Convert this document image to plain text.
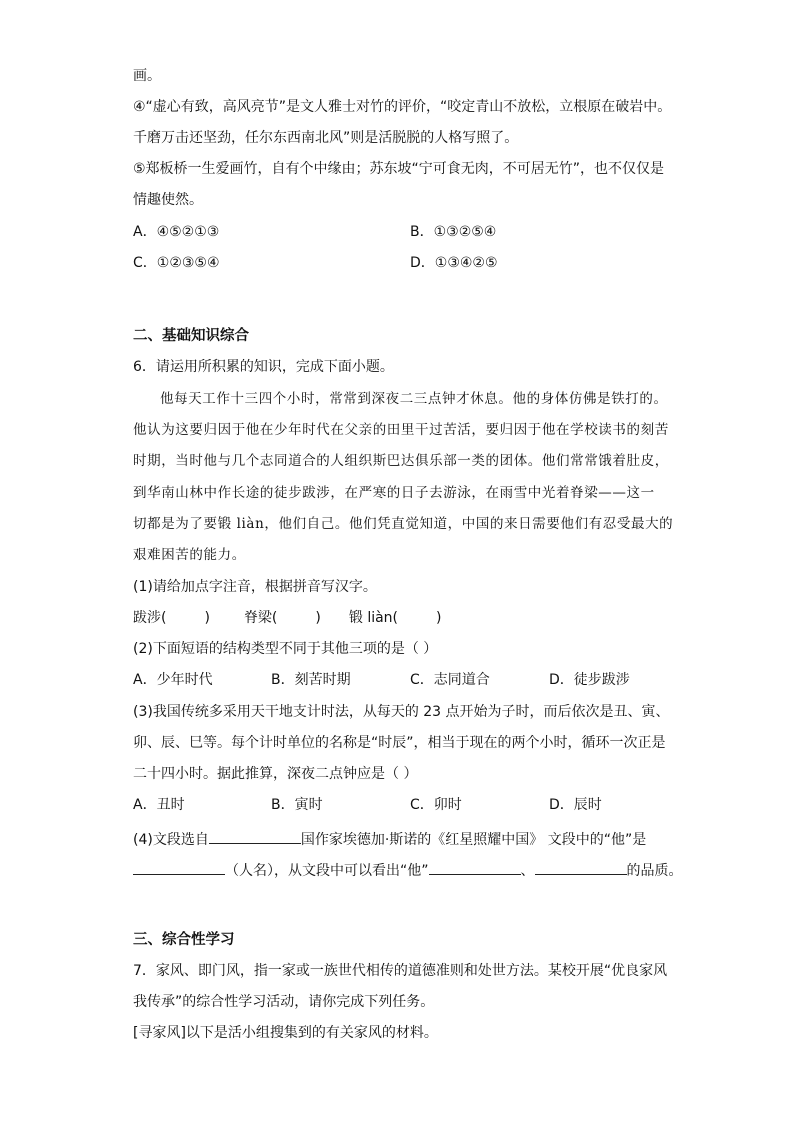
画。
④“虚心有致，高风亮节”是文人雅士对竹的评价，“咬定青山不放松，立根原在破岩中。
千磨万击还坚劲，任尔东西南北风”则是活脱脱的人格写照了。
⑤郑板桥一生爱画竹，自有个中缘由；苏东坡“宁可食无肉，不可居无竹”，也不仅仅是
情趣使然。
A．④⑤②①③	B．①③②⑤④
C．①②③⑤④	D．①③④②⑤
二、基础知识综合
6．请运用所积累的知识，完成下面小题。
他每天工作十三四个小时，常常到深夜二三点钟才休息。他的身体仿佛是铁打的。
他认为这要归因于他在少年时代在父亲的田里干过苦活，要归因于他在学校读书的刻苦
时期，当时他与几个志同道合的人组织斯巴达俱乐部一类的团体。他们常常饿着肚皮，
到华南山林中作长途的徒步跋涉，在严寒的日子去游泳，在雨雪中光着脊梁——这一
切都是为了要锻 liàn，他们自己。他们凭直觉知道，中国的来日需要他们有忍受最大的
艰难困苦的能力。
(1)请给加点字注音，根据拼音写汉字。
跋涉(	) 脊梁(	) 锻 liàn(	)
(2)下面短语的结构类型不同于其他三项的是（ ）
A．少年时代	B．刻苦时期	C．志同道合	D．徒步跋涉
(3)我国传统多采用天干地支计时法，从每天的 23 点开始为子时，而后依次是丑、寅、
卯、辰、巳等。每个计时单位的名称是“时辰”，相当于现在的两个小时，循环一次正是
二十四小时。据此推算，深夜二点钟应是（ ）
A．丑时	B．寅时	C．卯时	D．辰时
(4)文段选自	国作家埃德加·斯诺的《红星照耀中国》 文段中的“他”是
（人名），从文段中可以看出“他”	、	的品质。
三、综合性学习
7．家风、即门风，指一家或一族世代相传的道德准则和处世方法。某校开展“优良家风
我传承”的综合性学习活动，请你完成下列任务。
[寻家风]以下是活小组搜集到的有关家风的材料。
